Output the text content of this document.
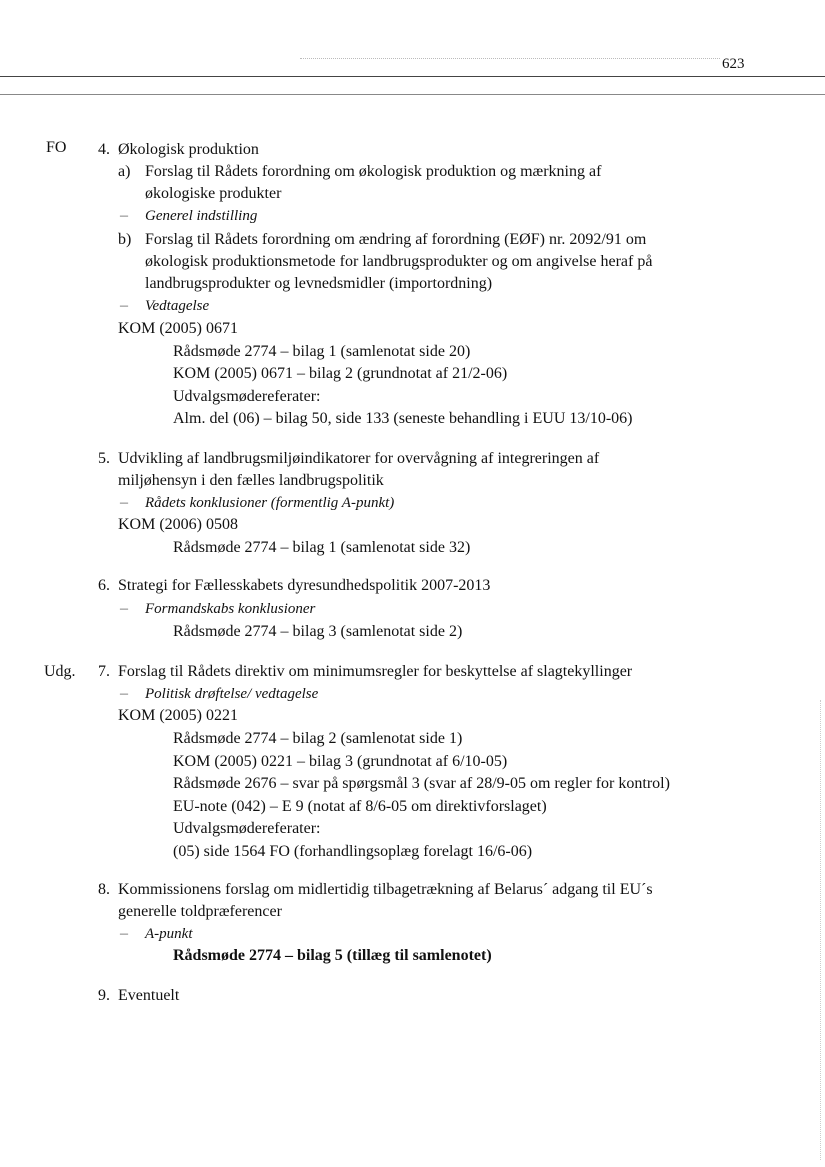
623
FO	4. Økologisk produktion
a) Forslag til Rådets forordning om økologisk produktion og mærkning af
økologiske produkter
– Generel indstilling
b) Forslag til Rådets forordning om ændring af forordning (EØF) nr. 2092/91 om
økologisk produktionsmetode for landbrugsprodukter og om angivelse heraf på
landbrugsprodukter og levnedsmidler (importordning)
– Vedtagelse
KOM (2005) 0671
Rådsmøde 2774 – bilag 1 (samlenotat side 20)
KOM (2005) 0671 – bilag 2 (grundnotat af 21/2-06)
Udvalgsmødereferater:
Alm. del (06) – bilag 50, side 133 (seneste behandling i EUU 13/10-06)
5. Udvikling af landbrugsmiljøindikatorer for overvågning af integreringen af
miljøhensyn i den fælles landbrugspolitik
– Rådets konklusioner (formentlig A-punkt)
KOM (2006) 0508
Rådsmøde 2774 – bilag 1 (samlenotat side 32)
6. Strategi for Fællesskabets dyresundhedspolitik 2007-2013
– Formandskabs konklusioner
Rådsmøde 2774 – bilag 3 (samlenotat side 2)
Udg.	7. Forslag til Rådets direktiv om minimumsregler for beskyttelse af slagtekyllinger
– Politisk drøftelse/ vedtagelse
KOM (2005) 0221
Rådsmøde 2774 – bilag 2 (samlenotat side 1)
KOM (2005) 0221 – bilag 3 (grundnotat af 6/10-05)
Rådsmøde 2676 – svar på spørgsmål 3 (svar af 28/9-05 om regler for kontrol)
EU-note (042) – E 9 (notat af 8/6-05 om direktivforslaget)
Udvalgsmødereferater:
(05) side 1564 FO (forhandlingsoplæg forelagt 16/6-06)
8. Kommissionens forslag om midlertidig tilbagetrækning af Belarus´ adgang til EU´s
generelle toldpræferencer
– A-punkt
Rådsmøde 2774 – bilag 5 (tillæg til samlenotet)
9. Eventuelt
